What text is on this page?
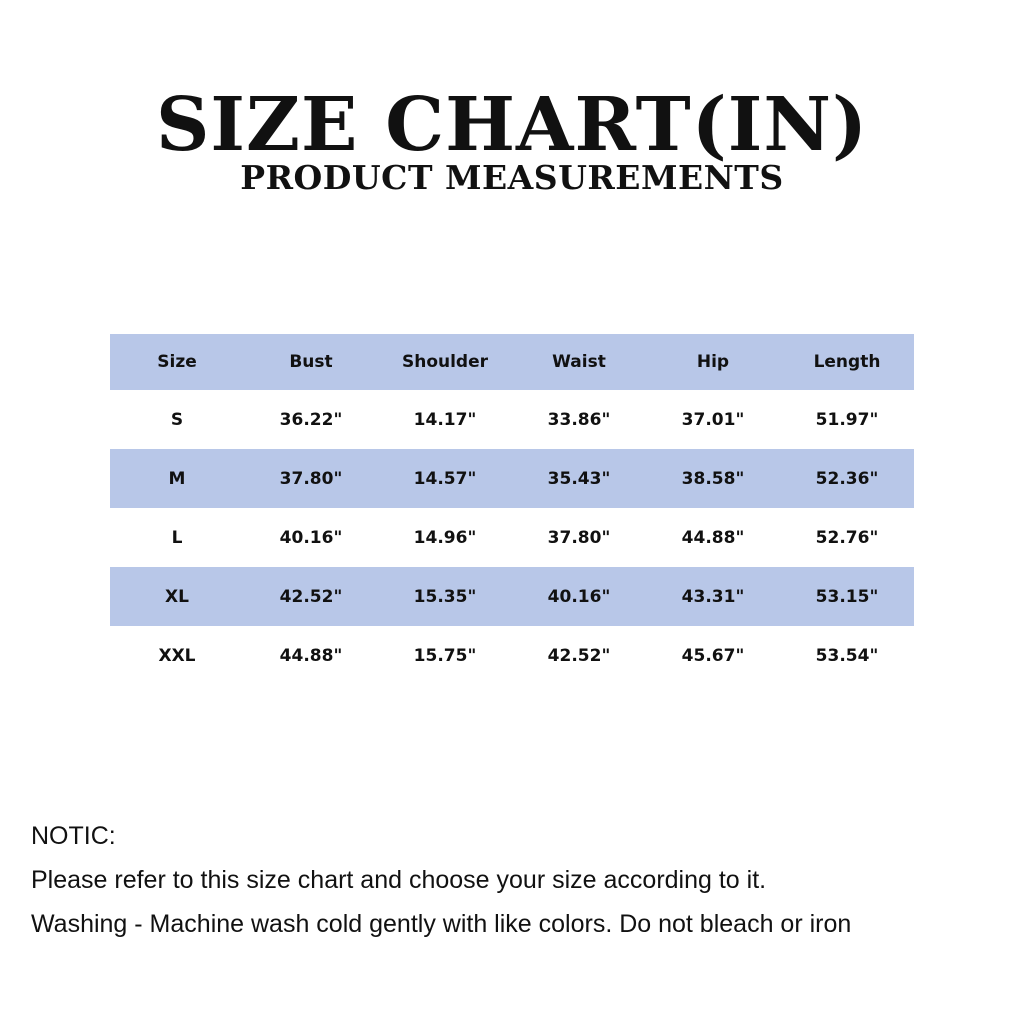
SIZE CHART(IN)
PRODUCT MEASUREMENTS
Size	Bust	Shoulder	Waist	Hip	Length
S	36.22"	14.17"	33.86"	37.01"	51.97"
M	37.80"	14.57"	35.43"	38.58"	52.36"
L	40.16"	14.96"	37.80"	44.88"	52.76"
XL	42.52"	15.35"	40.16"	43.31"	53.15"
XXL	44.88"	15.75"	42.52"	45.67"	53.54"
NOTIC:
Please refer to this size chart and choose your size according to it.
Washing - Machine wash cold gently with like colors. Do not bleach or iron
